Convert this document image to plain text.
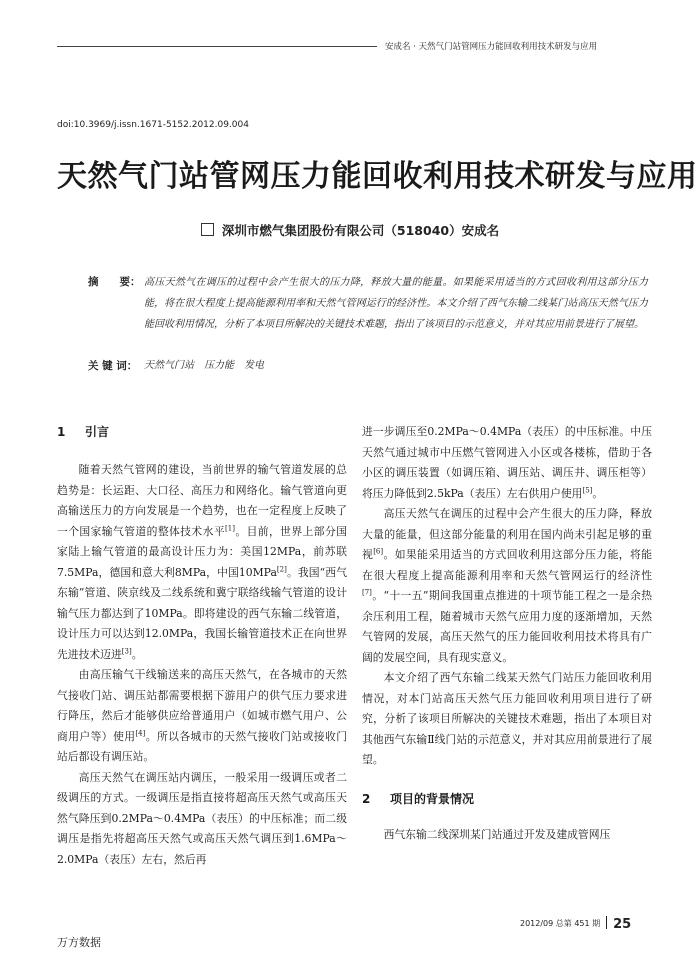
安成名 · 天然气门站管网压力能回收利用技术研发与应用
doi:10.3969/j.issn.1671-5152.2012.09.004
天然气门站管网压力能回收利用技术研发与应用
深圳市燃气集团股份有限公司（518040）安成名
摘　　要： 高压天然气在调压的过程中会产生很大的压力降，释放大量的能量。如果能采用适当的方式回收利用这部分压力能，将在很大程度上提高能源利用率和天然气管网运行的经济性。本文介绍了西气东输二线某门站高压天然气压力能回收利用情况，分析了本项目所解决的关键技术难题，指出了该项目的示范意义，并对其应用前景进行了展望。
关 键 词： 天然气门站　压力能　发电
1 引言

随着天然气管网的建设，当前世界的输气管道发展的总趋势是：长运距、大口径、高压力和网络化。输气管道向更高输送压力的方向发展是一个趋势，也在一定程度上反映了一个国家输气管道的整体技术水平[1]。目前，世界上部分国家陆上输气管道的最高设计压力为：美国12MPa，前苏联7.5MPa，德国和意大利8MPa，中国10MPa[2]。我国“西气东输”管道、陕京线及二线系统和冀宁联络线输气管道的设计输气压力都达到了10MPa。即将建设的西气东输二线管道，设计压力可以达到12.0MPa，我国长输管道技术正在向世界先进技术迈进[3]。

由高压输气干线输送来的高压天然气，在各城市的天然气接收门站、调压站都需要根据下游用户的供气压力要求进行降压，然后才能够供应给普通用户（如城市燃气用户、公商用户等）使用[4]。所以各城市的天然气接收门站或接收门站后都设有调压站。

高压天然气在调压站内调压，一般采用一级调压或者二级调压的方式。一级调压是指直接将超高压天然气或高压天然气降压到0.2MPa～0.4MPa（表压）的中压标准；而二级调压是指先将超高压天然气或高压天然气调压到1.6MPa～2.0MPa（表压）左右，然后再

进一步调压至0.2MPa～0.4MPa（表压）的中压标准。中压天然气通过城市中压燃气管网进入小区或各楼栋，借助于各小区的调压装置（如调压箱、调压站、调压井、调压柜等）将压力降低到2.5kPa（表压）左右供用户使用[5]。

高压天然气在调压的过程中会产生很大的压力降，释放大量的能量，但这部分能量的利用在国内尚未引起足够的重视[6]。如果能采用适当的方式回收利用这部分压力能，将能在很大程度上提高能源利用率和天然气管网运行的经济性[7]。“十一五”期间我国重点推进的十项节能工程之一是余热余压利用工程，随着城市天然气应用力度的逐渐增加，天然气管网的发展，高压天然气的压力能回收利用技术将具有广阔的发展空间，具有现实意义。

本文介绍了西气东输二线某天然气门站压力能回收利用情况，对本门站高压天然气压力能回收利用项目进行了研究，分析了该项目所解决的关键技术难题，指出了本项目对其他西气东输Ⅱ线门站的示范意义，并对其应用前景进行了展望。

2 项目的背景情况

西气东输二线深圳某门站通过开发及建成管网压

2012/09 总第 451 期 25
万方数据
